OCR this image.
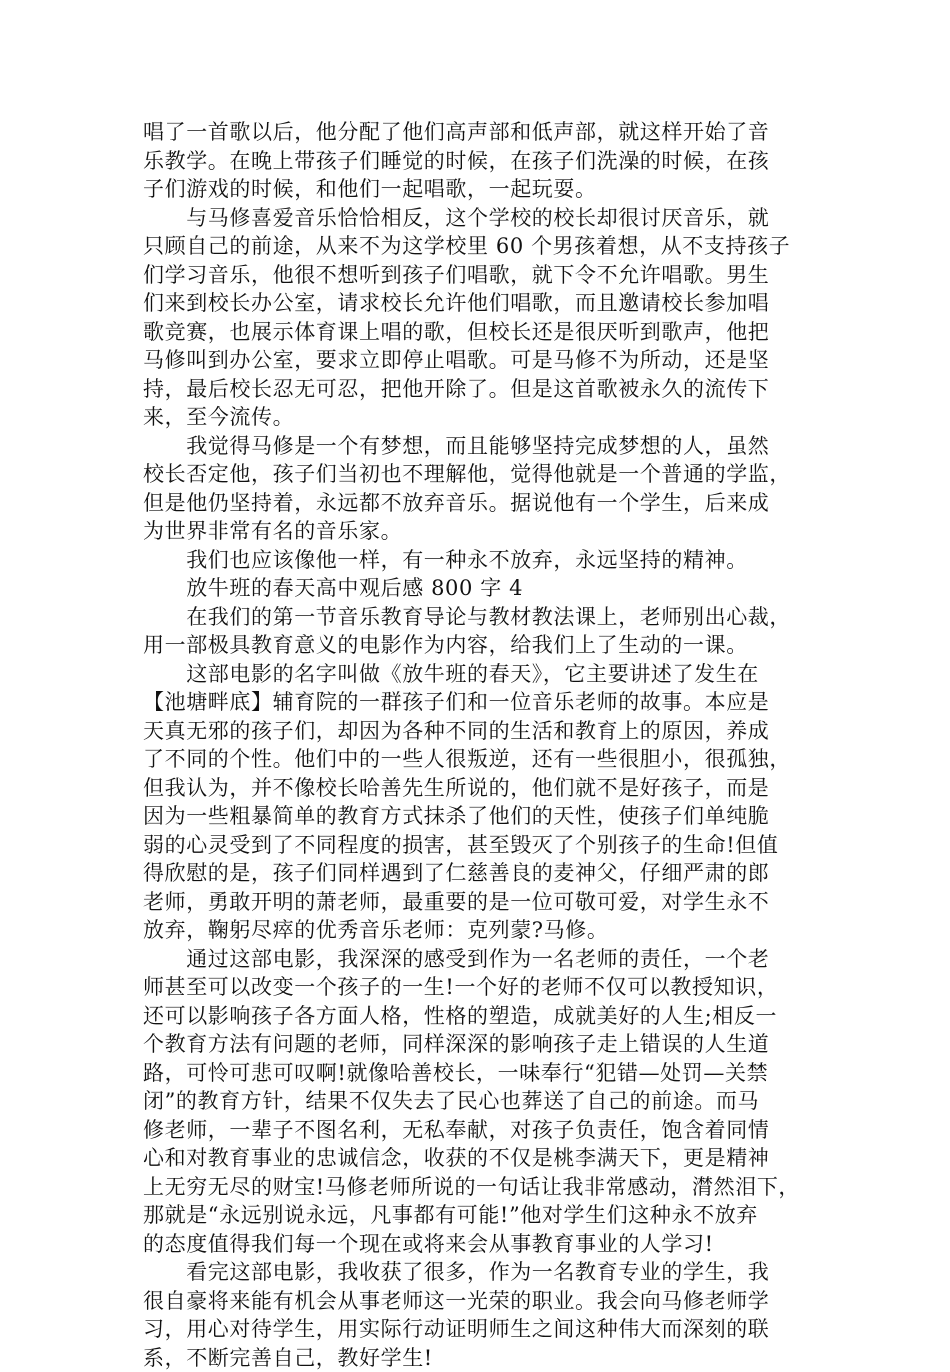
唱了一首歌以后，他分配了他们高声部和低声部，就这样开始了音
乐教学。在晚上带孩子们睡觉的时候，在孩子们洗澡的时候，在孩
子们游戏的时候，和他们一起唱歌，一起玩耍。
　　与马修喜爱音乐恰恰相反，这个学校的校长却很讨厌音乐，就
只顾自己的前途，从来不为这学校里 60 个男孩着想，从不支持孩子
们学习音乐，他很不想听到孩子们唱歌，就下令不允许唱歌。男生
们来到校长办公室，请求校长允许他们唱歌，而且邀请校长参加唱
歌竞赛，也展示体育课上唱的歌，但校长还是很厌听到歌声，他把
马修叫到办公室，要求立即停止唱歌。可是马修不为所动，还是坚
持，最后校长忍无可忍，把他开除了。但是这首歌被永久的流传下
来，至今流传。
　　我觉得马修是一个有梦想，而且能够坚持完成梦想的人，虽然
校长否定他，孩子们当初也不理解他，觉得他就是一个普通的学监，
但是他仍坚持着，永远都不放弃音乐。据说他有一个学生，后来成
为世界非常有名的音乐家。
　　我们也应该像他一样，有一种永不放弃，永远坚持的精神。
　　放牛班的春天高中观后感 800 字 4
　　在我们的第一节音乐教育导论与教材教法课上，老师别出心裁，
用一部极具教育意义的电影作为内容，给我们上了生动的一课。
　　这部电影的名字叫做《放牛班的春天》，它主要讲述了发生在
【池塘畔底】辅育院的一群孩子们和一位音乐老师的故事。本应是
天真无邪的孩子们，却因为各种不同的生活和教育上的原因，养成
了不同的个性。他们中的一些人很叛逆，还有一些很胆小，很孤独，
但我认为，并不像校长哈善先生所说的，他们就不是好孩子，而是
因为一些粗暴简单的教育方式抹杀了他们的天性，使孩子们单纯脆
弱的心灵受到了不同程度的损害，甚至毁灭了个别孩子的生命!但值
得欣慰的是，孩子们同样遇到了仁慈善良的麦神父，仔细严肃的郎
老师，勇敢开明的萧老师，最重要的是一位可敬可爱，对学生永不
放弃，鞠躬尽瘁的优秀音乐老师：克列蒙?马修。
　　通过这部电影，我深深的感受到作为一名老师的责任，一个老
师甚至可以改变一个孩子的一生!一个好的老师不仅可以教授知识，
还可以影响孩子各方面人格，性格的塑造，成就美好的人生;相反一
个教育方法有问题的老师，同样深深的影响孩子走上错误的人生道
路，可怜可悲可叹啊!就像哈善校长，一味奉行“犯错—处罚—关禁
闭”的教育方针，结果不仅失去了民心也葬送了自己的前途。而马
修老师，一辈子不图名利，无私奉献，对孩子负责任，饱含着同情
心和对教育事业的忠诚信念，收获的不仅是桃李满天下，更是精神
上无穷无尽的财宝!马修老师所说的一句话让我非常感动，潸然泪下，
那就是“永远别说永远，凡事都有可能!”他对学生们这种永不放弃
的态度值得我们每一个现在或将来会从事教育事业的人学习!
　　看完这部电影，我收获了很多，作为一名教育专业的学生，我
很自豪将来能有机会从事老师这一光荣的职业。我会向马修老师学
习，用心对待学生，用实际行动证明师生之间这种伟大而深刻的联
系，不断完善自己，教好学生!
